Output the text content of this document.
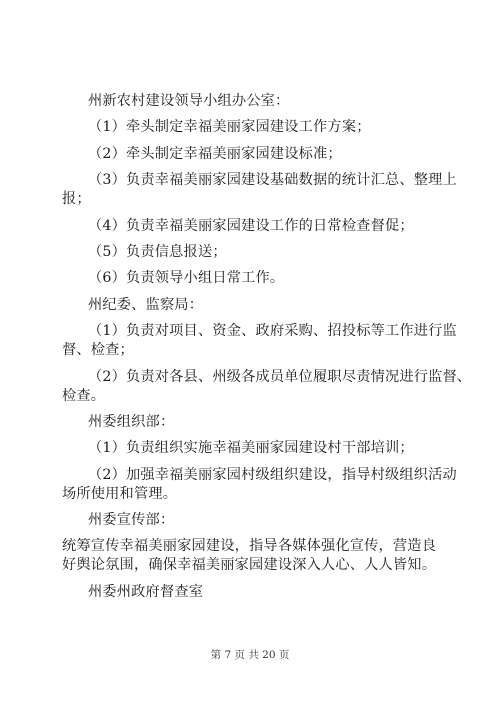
州新农村建设领导小组办公室：
（1）牵头制定幸福美丽家园建设工作方案；
（2）牵头制定幸福美丽家园建设标准；
（3）负责幸福美丽家园建设基础数据的统计汇总、整理上
报；
（4）负责幸福美丽家园建设工作的日常检查督促；
（5）负责信息报送；
（6）负责领导小组日常工作。
州纪委、监察局：
（1）负责对项目、资金、政府采购、招投标等工作进行监
督、检查；
（2）负责对各县、州级各成员单位履职尽责情况进行监督、
检查。
州委组织部：
（1）负责组织实施幸福美丽家园建设村干部培训；
（2）加强幸福美丽家园村级组织建设，指导村级组织活动
场所使用和管理。
州委宣传部：
统筹宣传幸福美丽家园建设，指导各媒体强化宣传，营造良
好舆论氛围，确保幸福美丽家园建设深入人心、人人皆知。
州委州政府督查室
第 7 页 共 20 页
